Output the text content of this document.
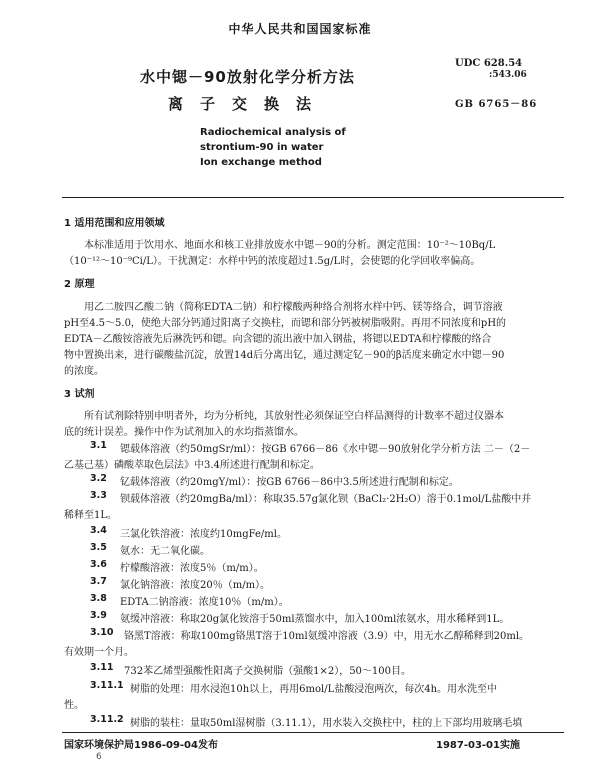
中华人民共和国国家标准
水中锶－90放射化学分析方法
离子交换法
UDC 628.54
:543.06
GB 6765－86
Radiochemical analysis of
strontium-90 in water
Ion exchange method
1 适用范围和应用领域
本标准适用于饮用水、地面水和核工业排放废水中锶－90的分析。测定范围：10⁻²～10Bq/L
（10⁻¹²～10⁻⁹Ci/L）。干扰测定：水样中钙的浓度超过1.5g/L时，会使锶的化学回收率偏高。
2 原理
用乙二胺四乙酸二钠（简称EDTA二钠）和柠檬酸两种络合剂将水样中钙、镁等络合，调节溶液
pH至4.5～5.0，使绝大部分钙通过阳离子交换柱，而锶和部分钙被树脂吸附。再用不同浓度和pH的
EDTA－乙酸铵溶液先后淋洗钙和锶。向含锶的流出液中加入钢盐，将锶以EDTA和柠檬酸的络合
物中置换出来，进行碳酸盐沉淀，放置14d后分离出钇，通过测定钇－90的β活度来确定水中锶－90
的浓度。
3 试剂
所有试剂除特别申明者外，均为分析纯，其放射性必须保证空白样品测得的计数率不超过仪器本
底的统计误差。操作中作为试剂加入的水均指蒸馏水。
3.1 锶载体溶液（约50mgSr/ml）：按GB 6766－86《水中锶－90放射化学分析方法 二－（2－
乙基己基）磷酸萃取色层法》中3.4所述进行配制和标定。
3.2 钇载体溶液（约20mgY/ml）：按GB 6766－86中3.5所述进行配制和标定。
3.3 钡载体溶液（约20mgBa/ml）：称取35.57g氯化钡（BaCl₂·2H₂O）溶于0.1mol/L盐酸中并
稀释至1L。
3.4 三氯化铁溶液：浓度约10mgFe/ml。
3.5 氨水：无二氧化碳。
3.6 柠檬酸溶液：浓度5％（m/m）。
3.7 氯化钠溶液：浓度20％（m/m）。
3.8 EDTA二钠溶液：浓度10％（m/m）。
3.9 氨缓冲溶液：称取20g氯化铵溶于50ml蒸馏水中，加入100ml浓氨水，用水稀释到1L。
3.10 铬黑T溶液：称取100mg铬黑T溶于10ml氨缓冲溶液（3.9）中，用无水乙醇稀释到20ml。
有效期一个月。
3.11 732苯乙烯型强酸性阳离子交换树脂（强酸1×2），50～100目。
3.11.1 树脂的处理：用水浸泡10h以上，再用6mol/L盐酸浸泡两次，每次4h。用水洗至中
性。
3.11.2 树脂的装柱：量取50ml湿树脂（3.11.1），用水装入交换柱中，柱的上下部均用玻璃毛填
国家环境保护局1986-09-04发布	1987-03-01实施
6
